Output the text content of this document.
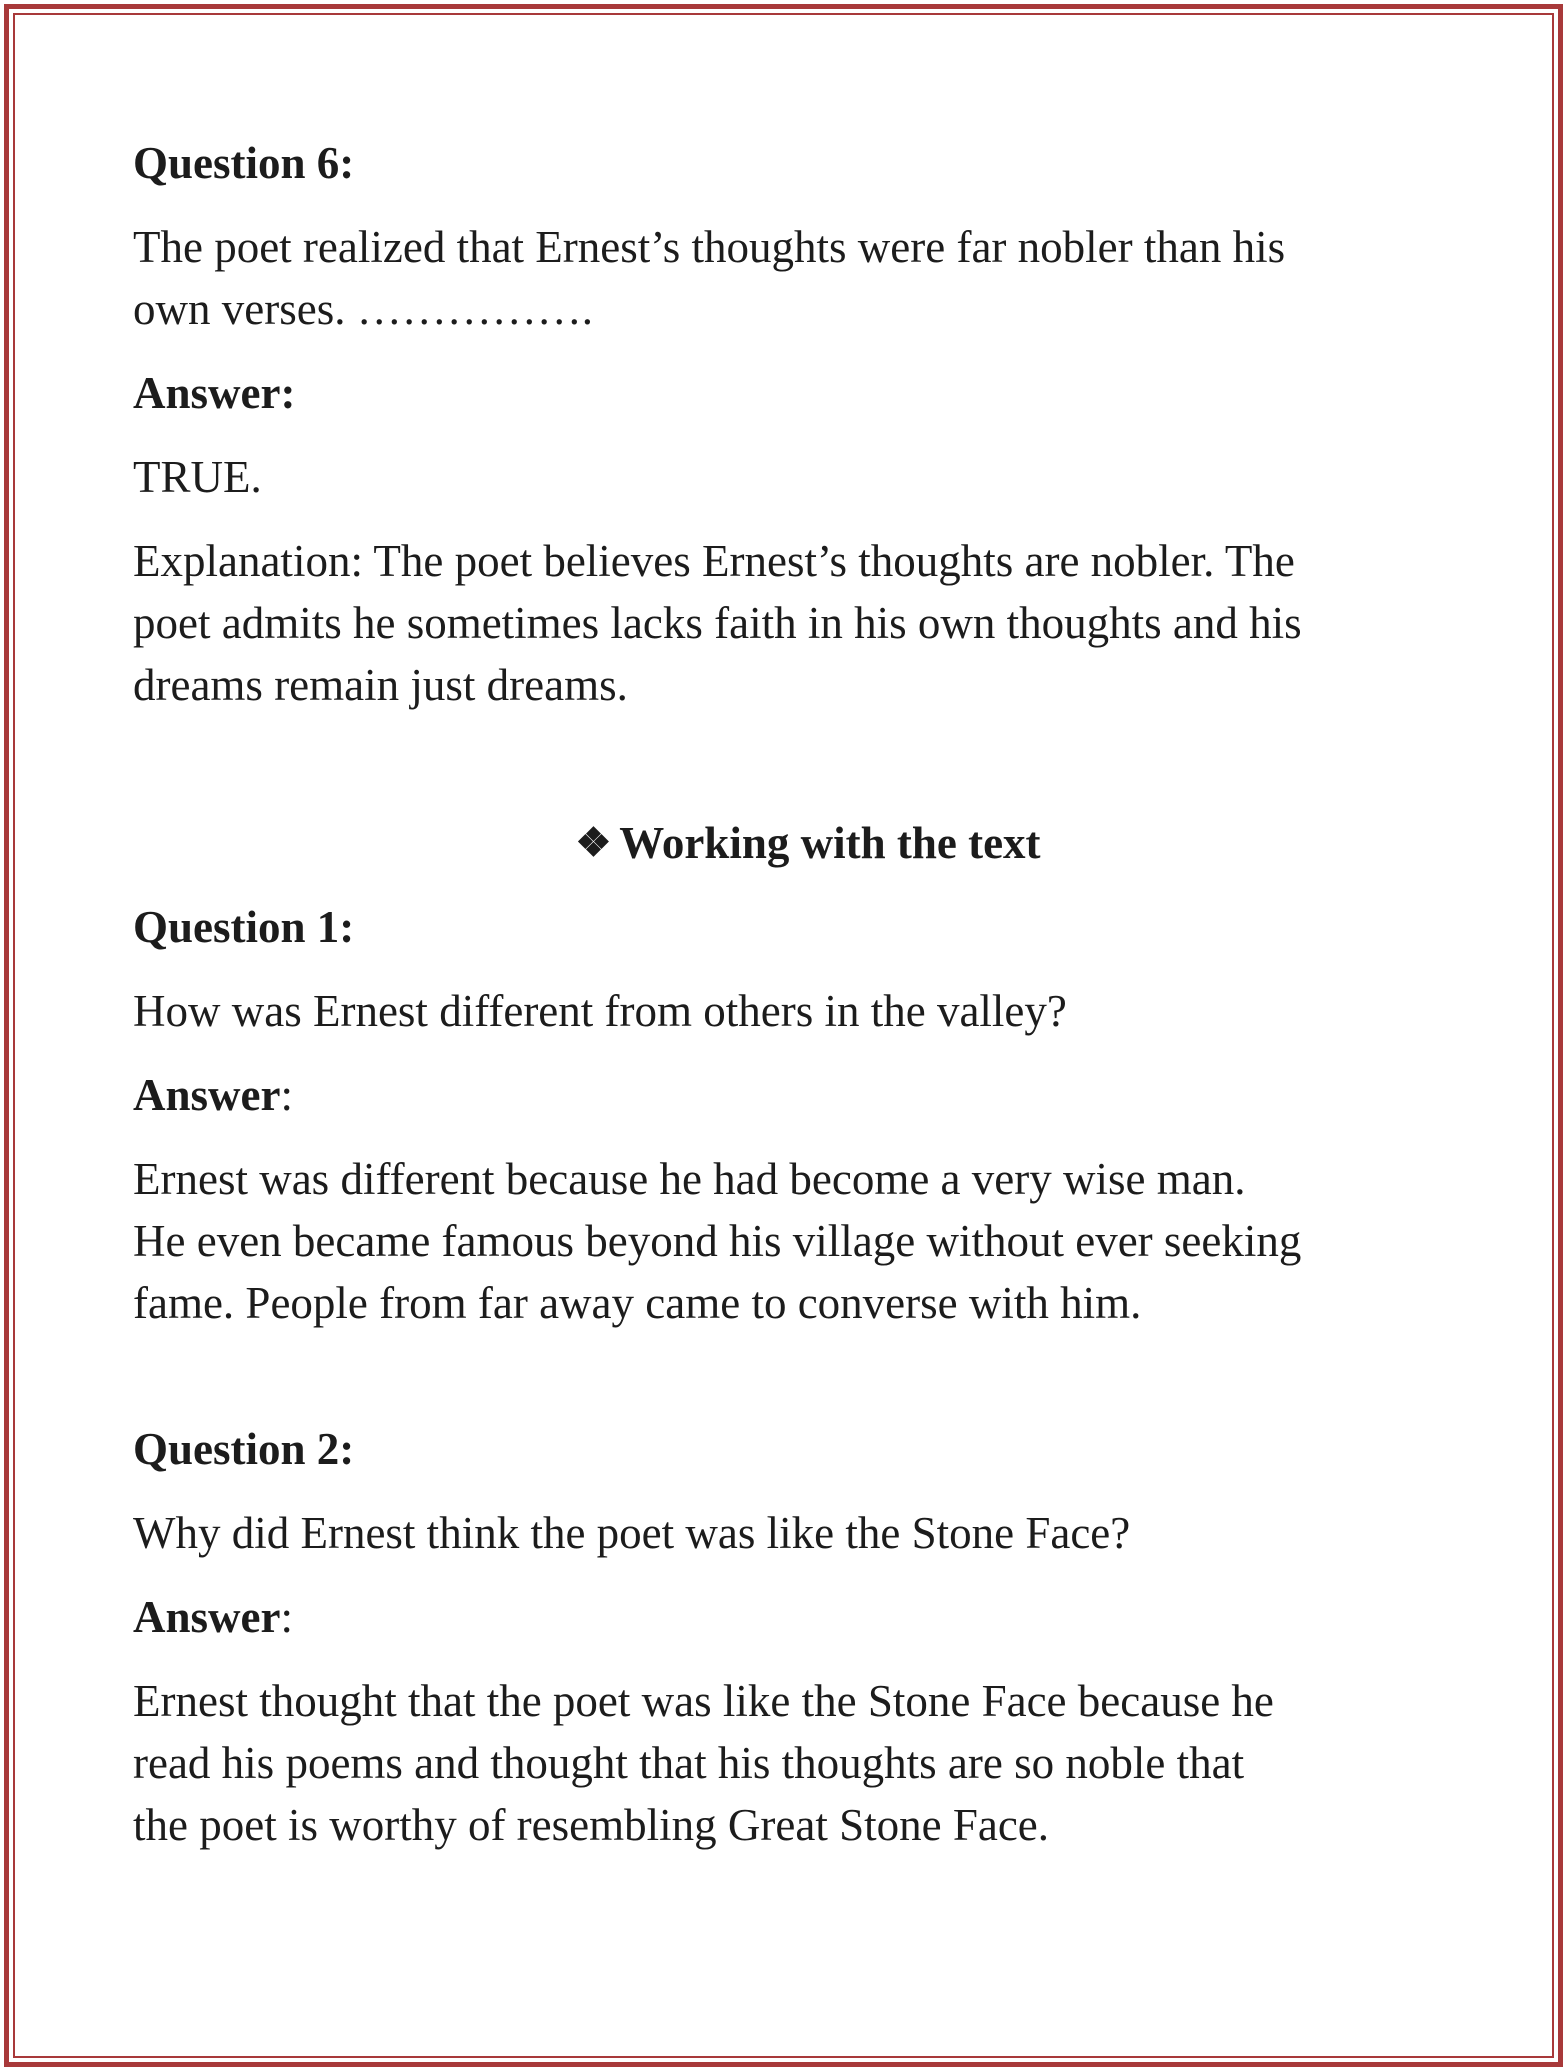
Question 6:

The poet realized that Ernest’s thoughts were far nobler than his

own verses. …………….

Answer:

TRUE.

Explanation: The poet believes Ernest’s thoughts are nobler. The

poet admits he sometimes lacks faith in his own thoughts and his

dreams remain just dreams.

❖ Working with the text

Question 1:

How was Ernest different from others in the valley?

Answer:

Ernest was different because he had become a very wise man.

He even became famous beyond his village without ever seeking

fame. People from far away came to converse with him.

Question 2:

Why did Ernest think the poet was like the Stone Face?

Answer:

Ernest thought that the poet was like the Stone Face because he

read his poems and thought that his thoughts are so noble that

the poet is worthy of resembling Great Stone Face.
